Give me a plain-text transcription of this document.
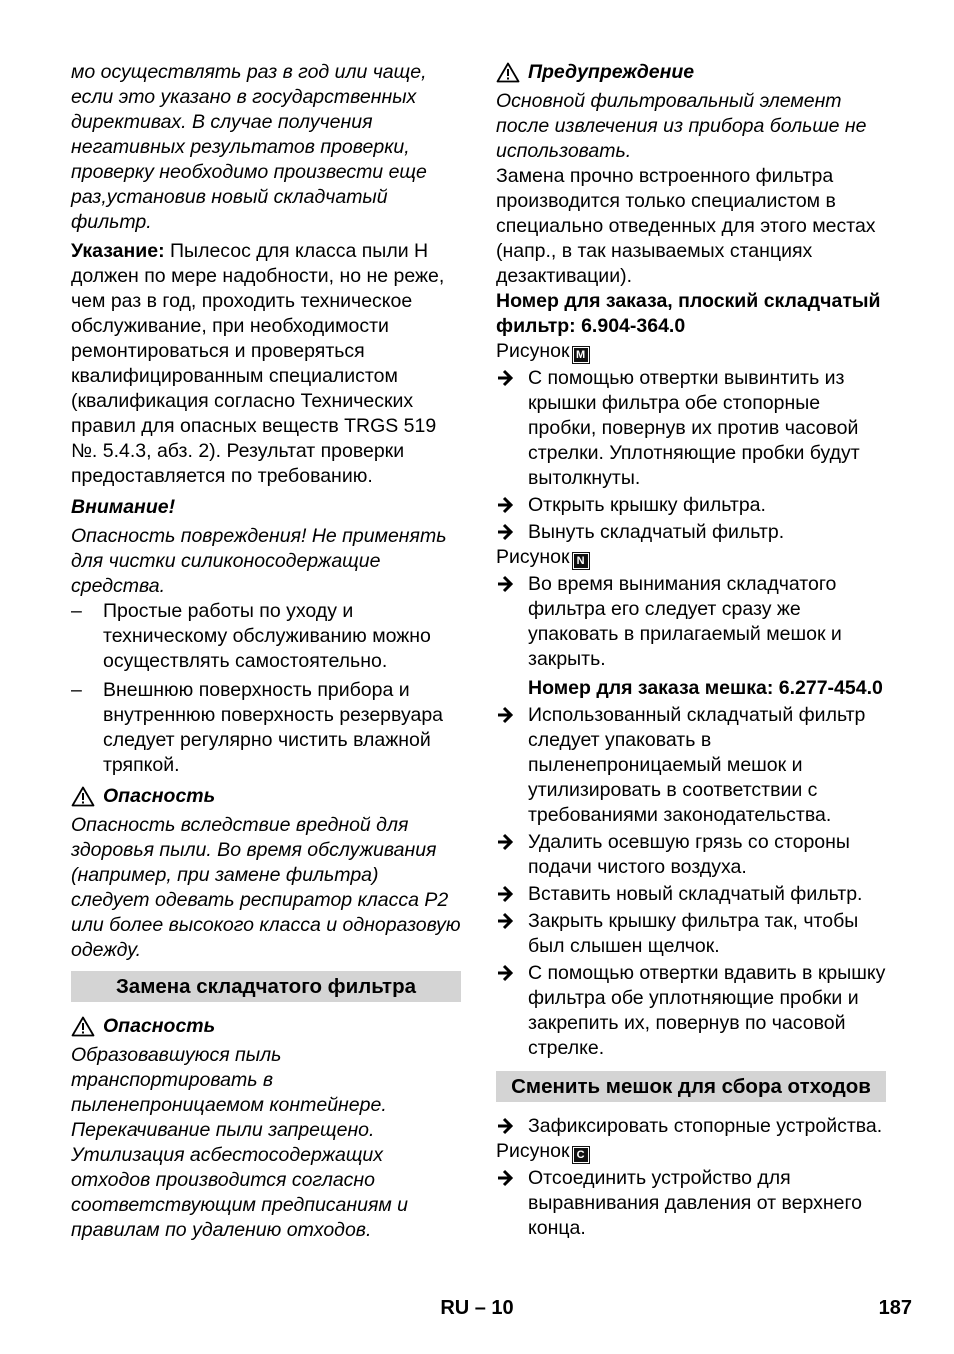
мо осуществлять раз в год или чаще, если это указано в государственных директивах. В случае получения негативных результатов проверки, проверку необходимо произвести еще раз,установив новый складчатый фильтр.

Указание: Пылесос для класса пыли H должен по мере надобности, но не реже, чем раз в год, проходить техническое обслуживание, при необходимости ремонтироваться и проверяться квалифицированным специалистом (квалификация согласно Технических правил для опасных веществ TRGS 519 №. 5.4.3, абз. 2). Результат проверки предоставляется по требованию.

Внимание!

Опасность повреждения! Не применять для чистки силиконосодержащие средства.

– Простые работы по уходу и техническому обслуживанию можно осуществлять самостоятельно.
– Внешнюю поверхность прибора и внутреннюю поверхность резервуара следует регулярно чистить влажной тряпкой.
Опасность

Опасность вследствие вредной для здоровья пыли. Во время обслуживания (например, при замене фильтра) следует одевать респиратор класса P2 или более высокого класса и одноразовую одежду.

Замена складчатого фильтра
Опасность

Образовавшуюся пыль транспортировать в пыленепроницаемом контейнере. Перекачивание пыли запрещено. Утилизация асбестосодержащих отходов производится согласно соответствующим предписаниям и правилам по удалению отходов.

Предупреждение

Основной фильтровальный элемент после извлечения из прибора больше не использовать.

Замена прочно встроенного фильтра производится только специалистом в специально отведенных для этого местах (напр., в так называемых станциях дезактивации).

Номер для заказа, плоский складчатый фильтр: 6.904-364.0

Рисунок M

С помощью отвертки вывинтить из крышки фильтра обе стопорные пробки, повернув их против часовой стрелки. Уплотняющие пробки будут вытолкнуты.
Открыть крышку фильтра.
Вынуть складчатый фильтр.

Рисунок N

Во время вынимания складчатого фильтра его следует сразу же упаковать в прилагаемый мешок и закрыть.

Номер для заказа мешка: 6.277-454.0

Использованный складчатый фильтр следует упаковать в пыленепроницаемый мешок и утилизировать в соответствии с требованиями законодательства.
Удалить осевшую грязь со стороны подачи чистого воздуха.
Вставить новый складчатый фильтр.
Закрыть крышку фильтра так, чтобы был слышен щелчок.
С помощью отвертки вдавить в крышку фильтра обе уплотняющие пробки и закрепить их, повернув по часовой стрелке.
Сменить мешок для сбора отходов
Зафиксировать стопорные устройства.

Рисунок C

Отсоединить устройство для выравнивания давления от верхнего конца.
RU – 10	187
